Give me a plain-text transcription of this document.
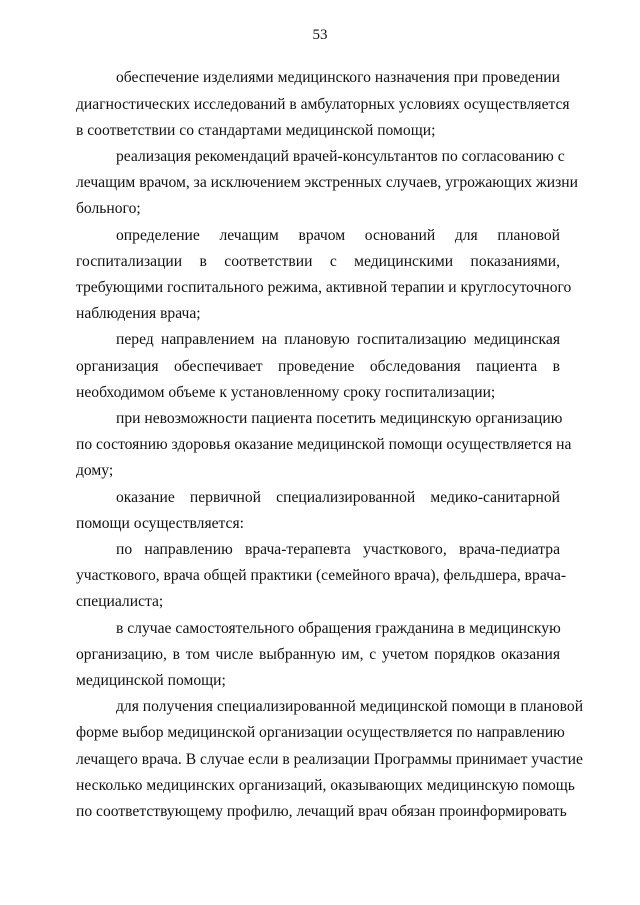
53
обеспечение изделиями медицинского назначения при проведении
диагностических исследований в амбулаторных условиях осуществляется
в соответствии со стандартами медицинской помощи;
реализация рекомендаций врачей-консультантов по согласованию с
лечащим врачом, за исключением экстренных случаев, угрожающих жизни
больного;
определение лечащим врачом оснований для плановой
госпитализации в соответствии с медицинскими показаниями,
требующими госпитального режима, активной терапии и круглосуточного
наблюдения врача;
перед направлением на плановую госпитализацию медицинская
организация обеспечивает проведение обследования пациента в
необходимом объеме к установленному сроку госпитализации;
при невозможности пациента посетить медицинскую организацию
по состоянию здоровья оказание медицинской помощи осуществляется на
дому;
оказание первичной специализированной медико-санитарной
помощи осуществляется:
по направлению врача-терапевта участкового, врача-педиатра
участкового, врача общей практики (семейного врача), фельдшера, врача-
специалиста;
в случае самостоятельного обращения гражданина в медицинскую
организацию, в том числе выбранную им, с учетом порядков оказания
медицинской помощи;
для получения специализированной медицинской помощи в плановой
форме выбор медицинской организации осуществляется по направлению
лечащего врача. В случае если в реализации Программы принимает участие
несколько медицинских организаций, оказывающих медицинскую помощь
по соответствующему профилю, лечащий врач обязан проинформировать
